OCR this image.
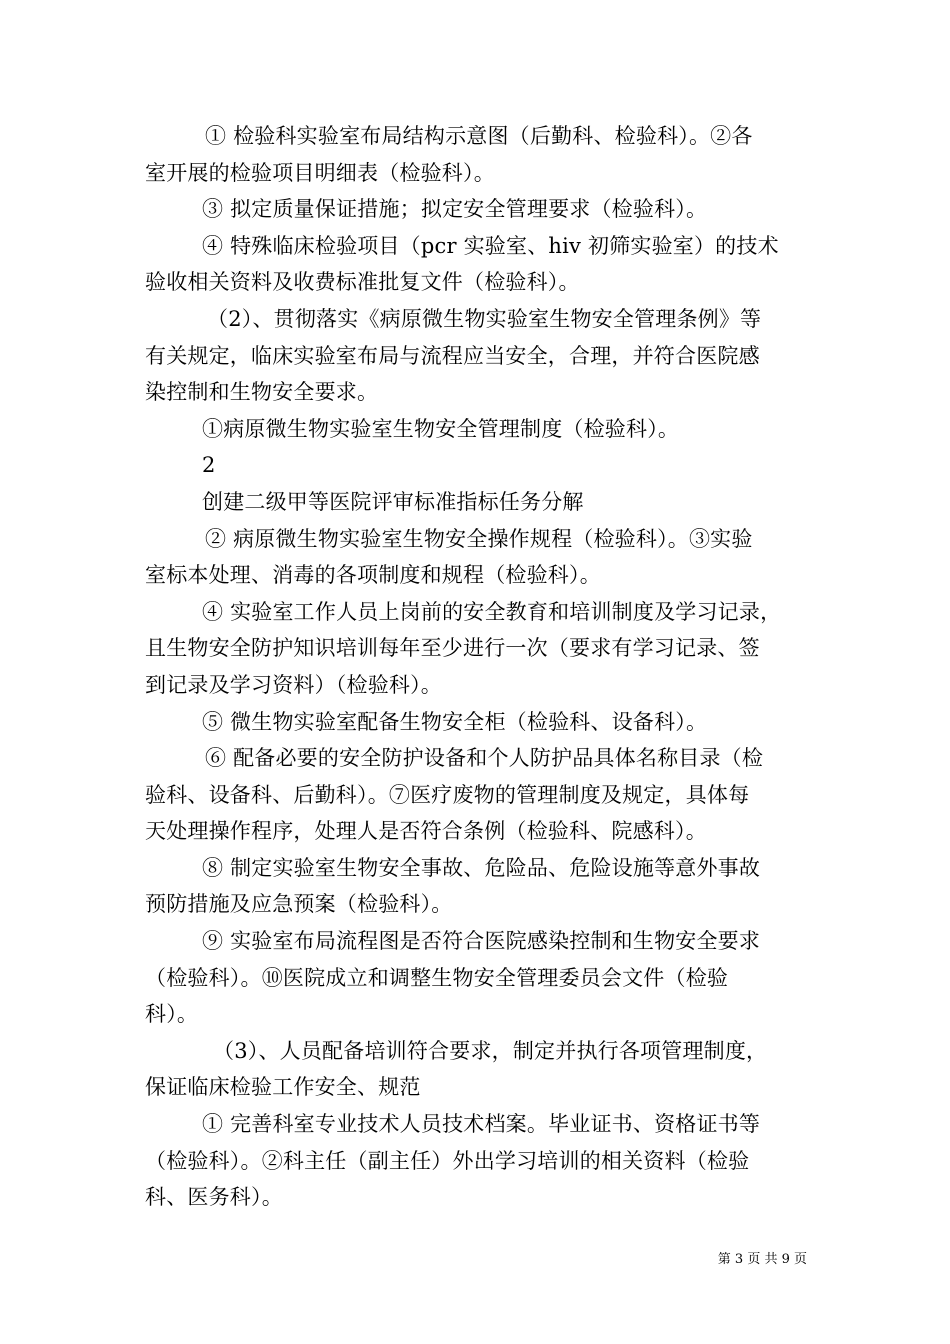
① 检验科实验室布局结构示意图（后勤科、检验科）。②各
室开展的检验项目明细表（检验科）。
③ 拟定质量保证措施；拟定安全管理要求（检验科）。
④ 特殊临床检验项目（pcr 实验室、hiv 初筛实验室）的技术
验收相关资料及收费标准批复文件（检验科）。
（2）、贯彻落实《病原微生物实验室生物安全管理条例》等
有关规定，临床实验室布局与流程应当安全，合理，并符合医院感
染控制和生物安全要求。
①病原微生物实验室生物安全管理制度（检验科）。
2
创建二级甲等医院评审标准指标任务分解
② 病原微生物实验室生物安全操作规程（检验科）。③实验
室标本处理、消毒的各项制度和规程（检验科）。
④ 实验室工作人员上岗前的安全教育和培训制度及学习记录，
且生物安全防护知识培训每年至少进行一次（要求有学习记录、签
到记录及学习资料）（检验科）。
⑤ 微生物实验室配备生物安全柜（检验科、设备科）。
⑥ 配备必要的安全防护设备和个人防护品具体名称目录（检
验科、设备科、后勤科）。⑦医疗废物的管理制度及规定，具体每
天处理操作程序，处理人是否符合条例（检验科、院感科）。
⑧ 制定实验室生物安全事故、危险品、危险设施等意外事故
预防措施及应急预案（检验科）。
⑨ 实验室布局流程图是否符合医院感染控制和生物安全要求
（检验科）。⑩医院成立和调整生物安全管理委员会文件（检验
科）。
（3）、人员配备培训符合要求，制定并执行各项管理制度，
保证临床检验工作安全、规范
① 完善科室专业技术人员技术档案。毕业证书、资格证书等
（检验科）。②科主任（副主任）外出学习培训的相关资料（检验
科、医务科）。
第 3 页 共 9 页
